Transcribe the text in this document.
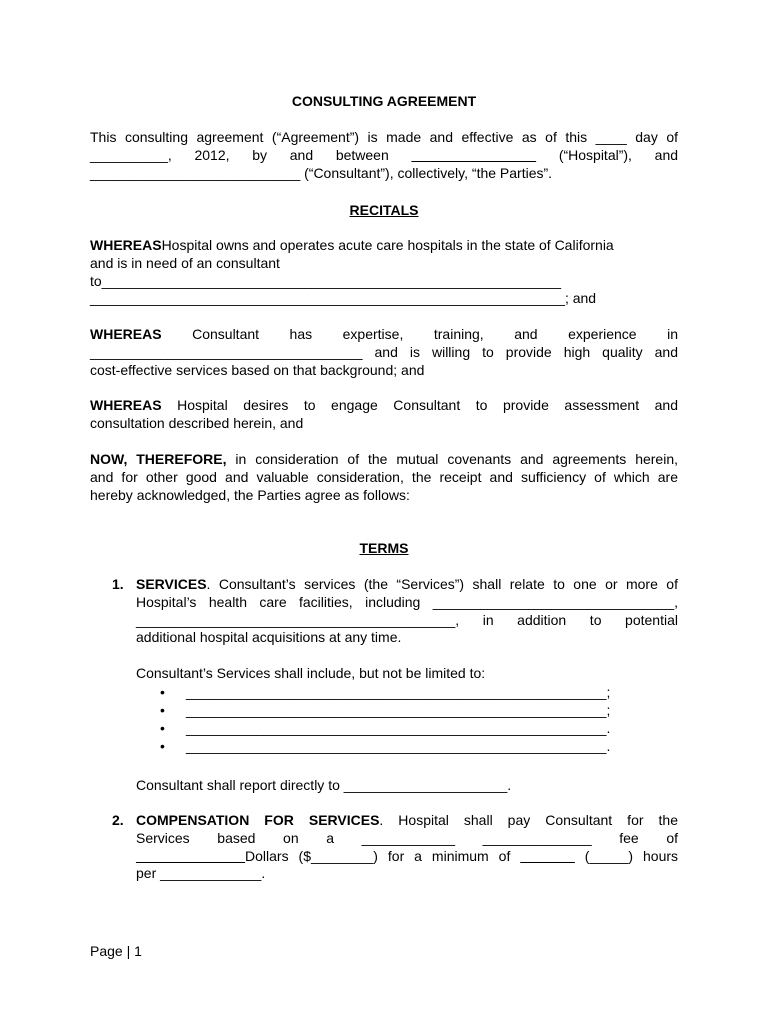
CONSULTING AGREEMENT
This consulting agreement (“Agreement”) is made and effective as of this ____ day of
__________, 2012, by and between ________________ (“Hospital”), and
___________________________ (“Consultant”), collectively, “the Parties”.
RECITALS
WHEREASHospital owns and operates acute care hospitals in the state of California
and is in need of an consultant
to___________________________________________________________
_____________________________________________________________; and
WHEREAS Consultant has expertise, training, and experience in
___________________________________ and is willing to provide high quality and
cost-effective services based on that background; and
WHEREAS Hospital desires to engage Consultant to provide assessment and
consultation described herein, and
NOW, THEREFORE, in consideration of the mutual covenants and agreements herein,
and for other good and valuable consideration, the receipt and sufficiency of which are
hereby acknowledged, the Parties agree as follows:
TERMS
1. SERVICES. Consultant’s services (the “Services”) shall relate to one or more of
Hospital’s health care facilities, including _______________________________,
_________________________________________, in addition to potential
additional hospital acquisitions at any time.
Consultant’s Services shall include, but not be limited to:
• ______________________________________________________;
• ______________________________________________________;
• ______________________________________________________.
• ______________________________________________________.
Consultant shall report directly to _____________________.
2. COMPENSATION FOR SERVICES. Hospital shall pay Consultant for the
Services based on a ____________ ______________ fee of
______________Dollars ($________) for a minimum of _______ (_____) hours
per _____________.
Page | 1
